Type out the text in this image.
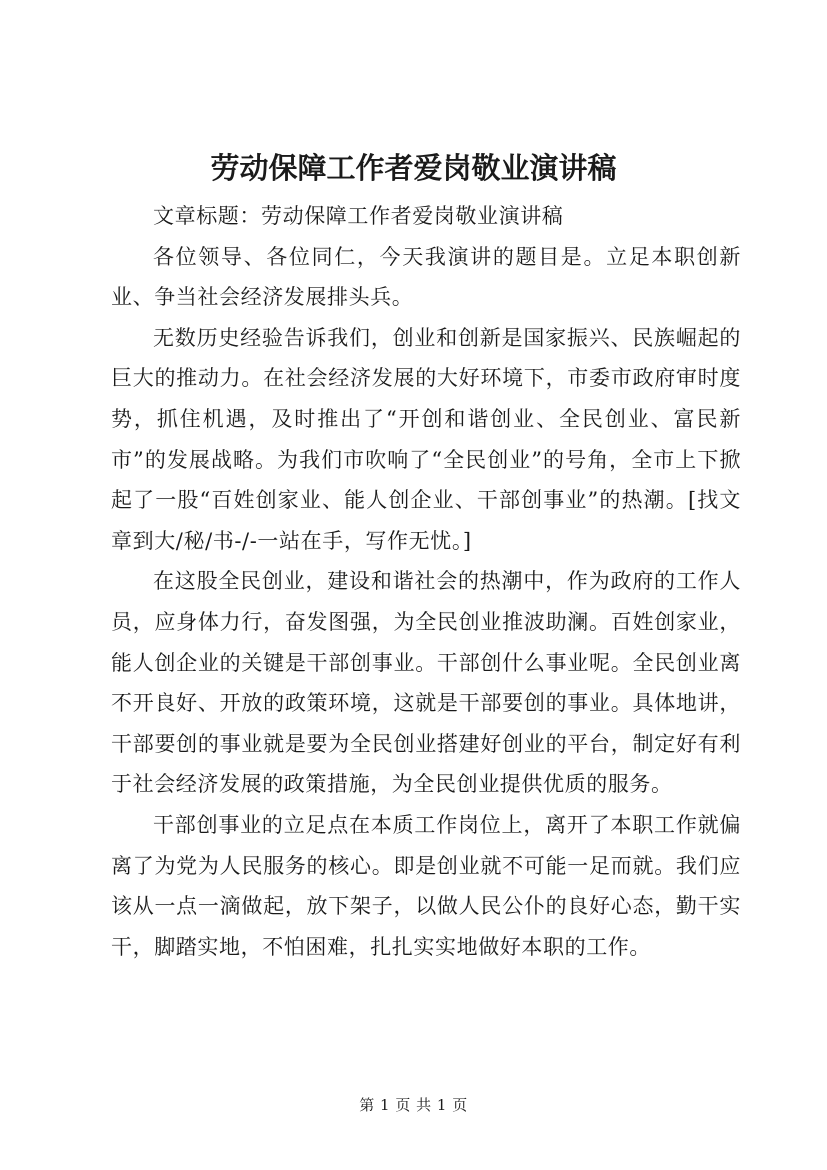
劳动保障工作者爱岗敬业演讲稿

文章标题：劳动保障工作者爱岗敬业演讲稿

各位领导、各位同仁，今天我演讲的题目是。立足本职创新业、争当社会经济发展排头兵。

无数历史经验告诉我们，创业和创新是国家振兴、民族崛起的巨大的推动力。在社会经济发展的大好环境下，市委市政府审时度势，抓住机遇，及时推出了“开创和谐创业、全民创业、富民新市”的发展战略。为我们市吹响了“全民创业”的号角，全市上下掀起了一股“百姓创家业、能人创企业、干部创事业”的热潮。[找文章到大/秘/书-/-一站在手，写作无忧。]

在这股全民创业，建设和谐社会的热潮中，作为政府的工作人员，应身体力行，奋发图强，为全民创业推波助澜。百姓创家业，能人创企业的关键是干部创事业。干部创什么事业呢。全民创业离不开良好、开放的政策环境，这就是干部要创的事业。具体地讲，干部要创的事业就是要为全民创业搭建好创业的平台，制定好有利于社会经济发展的政策措施，为全民创业提供优质的服务。

干部创事业的立足点在本质工作岗位上，离开了本职工作就偏离了为党为人民服务的核心。即是创业就不可能一足而就。我们应该从一点一滴做起，放下架子，以做人民公仆的良好心态，勤干实干，脚踏实地，不怕困难，扎扎实实地做好本职的工作。

第 1 页 共 1 页
